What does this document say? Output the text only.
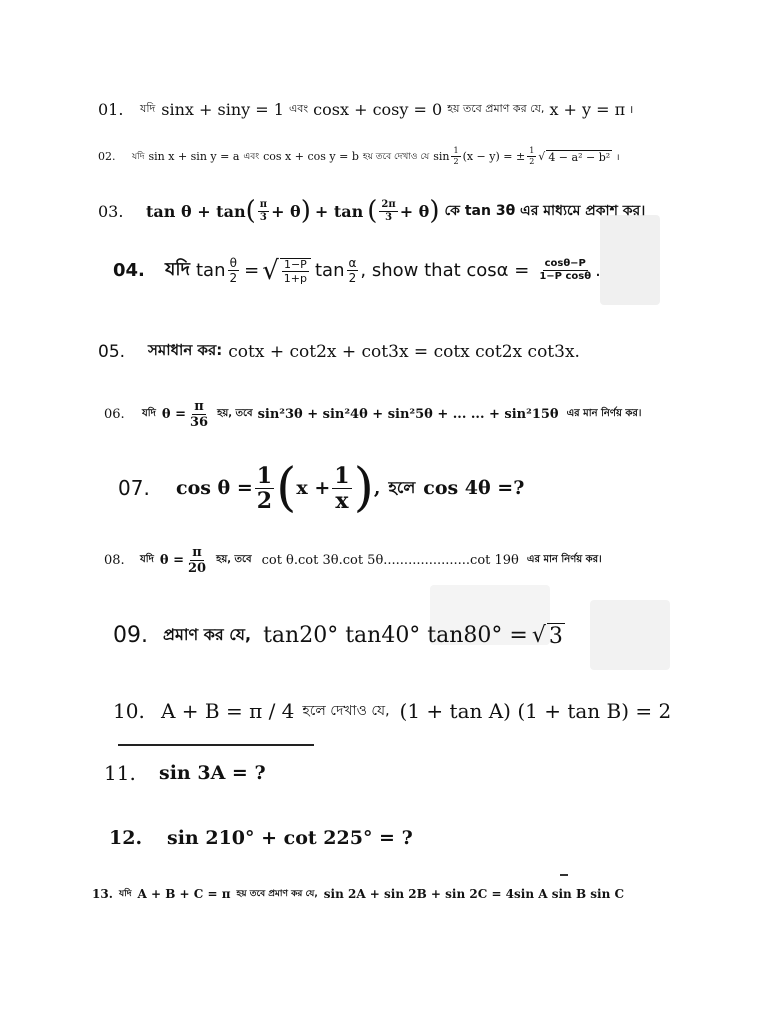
01.	যদি sinx + siny = 1 এবং cosx + cosy = 0 হয় তবে প্রমাণ কর যে, x + y = π ।
02.	যদি sin x + sin y = a এবং cos x + cos y = b হয় তবে দেখাও যে $\sin \frac{1}{2} (x - y)$ = ± $\frac{1}{2}$ √ 4 − a² − b² ।
03.	tan θ + tan ( $\frac{\pi}{3} + \theta$ ) + tan ( $\frac{2\pi}{3} + \theta$ ) কে tan 3θ এর মাধ্যমে প্রকাশ কর।
04.	যদি $\tan \frac{\theta}{2}$ = √ $\frac{1-P}{1+p}$ $\tan \frac{\alpha}{2}$ , show that $\cos\alpha = \frac{\cos\theta-P}{\text{1−P cosθ}}$ .
05.	সমাধান কর: cotx + cot2x + cot3x = cotx cot2x cot3x.
06.	যদি $\theta = \frac{\pi}{36}$ হয়, তবে sin²3θ + sin²4θ + sin²5θ + ... ... + sin²15θ এর মান নির্ণয় কর।
07.	$\cos \theta = \frac{1}{2}$ ( $x + \frac{1}{x}$ ) , হলে cos 4θ =?
08.	যদি $\theta = \frac{\pi}{20}$ হয়, তবে cot θ.cot 3θ.cot 5θ.....................cot 19θ এর মান নির্ণয় কর।
09. প্রমাণ কর যে, tan20° tan40° tan80° = √ 3
10. A + B = π / 4 হলে দেখাও যে, (1 + tan A) (1 + tan B) = 2
11.	sin 3A = ?
12.	sin 210° + cot 225° = ?
13. যদি A + B + C = π হয় তবে প্রমাণ কর যে, sin 2A + sin 2B + sin 2C = 4sin A sin B sin C
